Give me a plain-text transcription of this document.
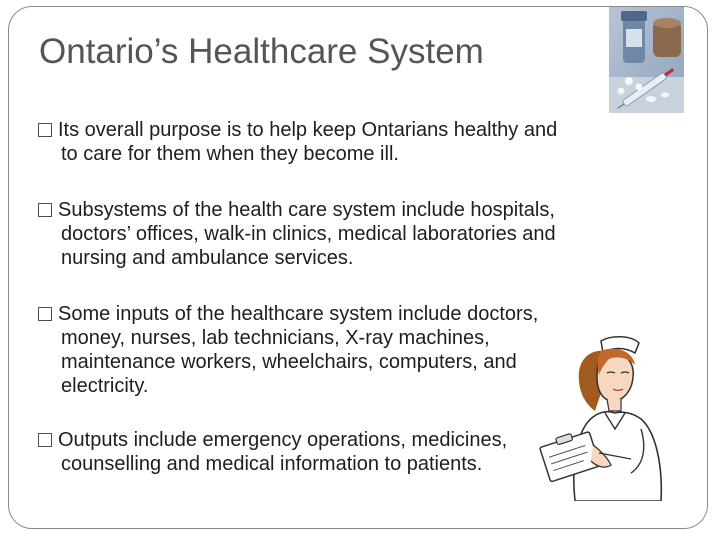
Ontario’s Healthcare System
Its overall purpose is to help keep Ontarians healthy and
to care for them when they become ill.
Subsystems of the health care system include hospitals,
doctors’ offices, walk-in clinics, medical laboratories and
nursing and ambulance services.
Some inputs of the healthcare system include doctors,
money, nurses, lab technicians, X-ray machines,
maintenance workers, wheelchairs, computers, and
electricity.
Outputs include emergency operations, medicines,
counselling and medical information to patients.
